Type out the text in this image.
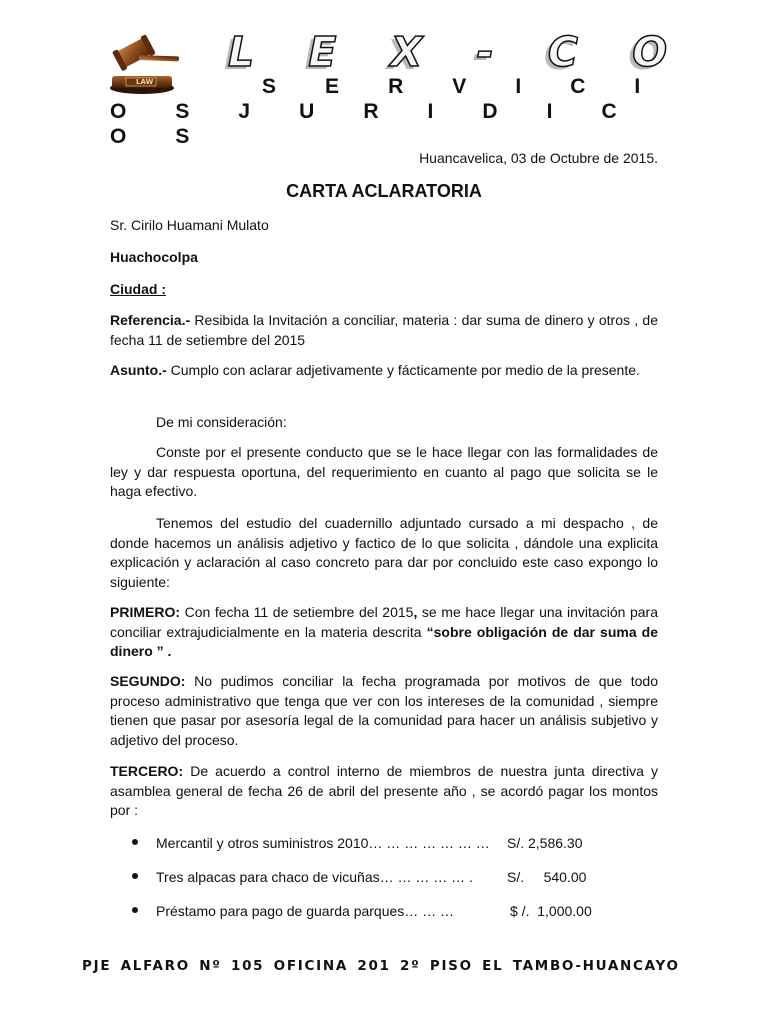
LAW
L E X - C O
S E R V I C I O S J U R I D I C O S
Huancavelica, 03 de Octubre de 2015.
CARTA ACLARATORIA
Sr. Cirilo Huamani Mulato
Huachocolpa
Ciudad :
Referencia.- Resibida la Invitación a conciliar, materia : dar suma de dinero y otros , de fecha 11 de setiembre del 2015
Asunto.- Cumplo con aclarar adjetivamente y fácticamente por medio de la presente.
De mi consideración:
Conste por el presente conducto que se le hace llegar con las formalidades de ley y dar respuesta oportuna, del requerimiento en cuanto al pago que solicita se le haga efectivo.
Tenemos del estudio del cuadernillo adjuntado cursado a mi despacho , de donde hacemos un análisis adjetivo y factico de lo que solicita , dándole una explicita explicación y aclaración al caso concreto para dar por concluido este caso expongo lo siguiente:
PRIMERO: Con fecha 11 de setiembre del 2015, se me hace llegar una invitación para conciliar extrajudicialmente en la materia descrita “sobre obligación de dar suma de dinero ” .
SEGUNDO: No pudimos conciliar la fecha programada por motivos de que todo proceso administrativo que tenga que ver con los intereses de la comunidad , siempre tienen que pasar por asesoría legal de la comunidad para hacer un análisis subjetivo y adjetivo del proceso.
TERCERO: De acuerdo a control interno de miembros de nuestra junta directiva y asamblea general de fecha 26 de abril del presente año , se acordó pagar los montos por :
Mercantil y otros suministros 2010… … … … … … … S/. 2,586.30
Tres alpacas para chaco de vicuñas… … … … … . S/.     540.00
Préstamo para pago de guarda parques… … …	$ /.  1,000.00
PJE ALFARO Nº 105 OFICINA 201 2º PISO EL TAMBO-HUANCAYO
